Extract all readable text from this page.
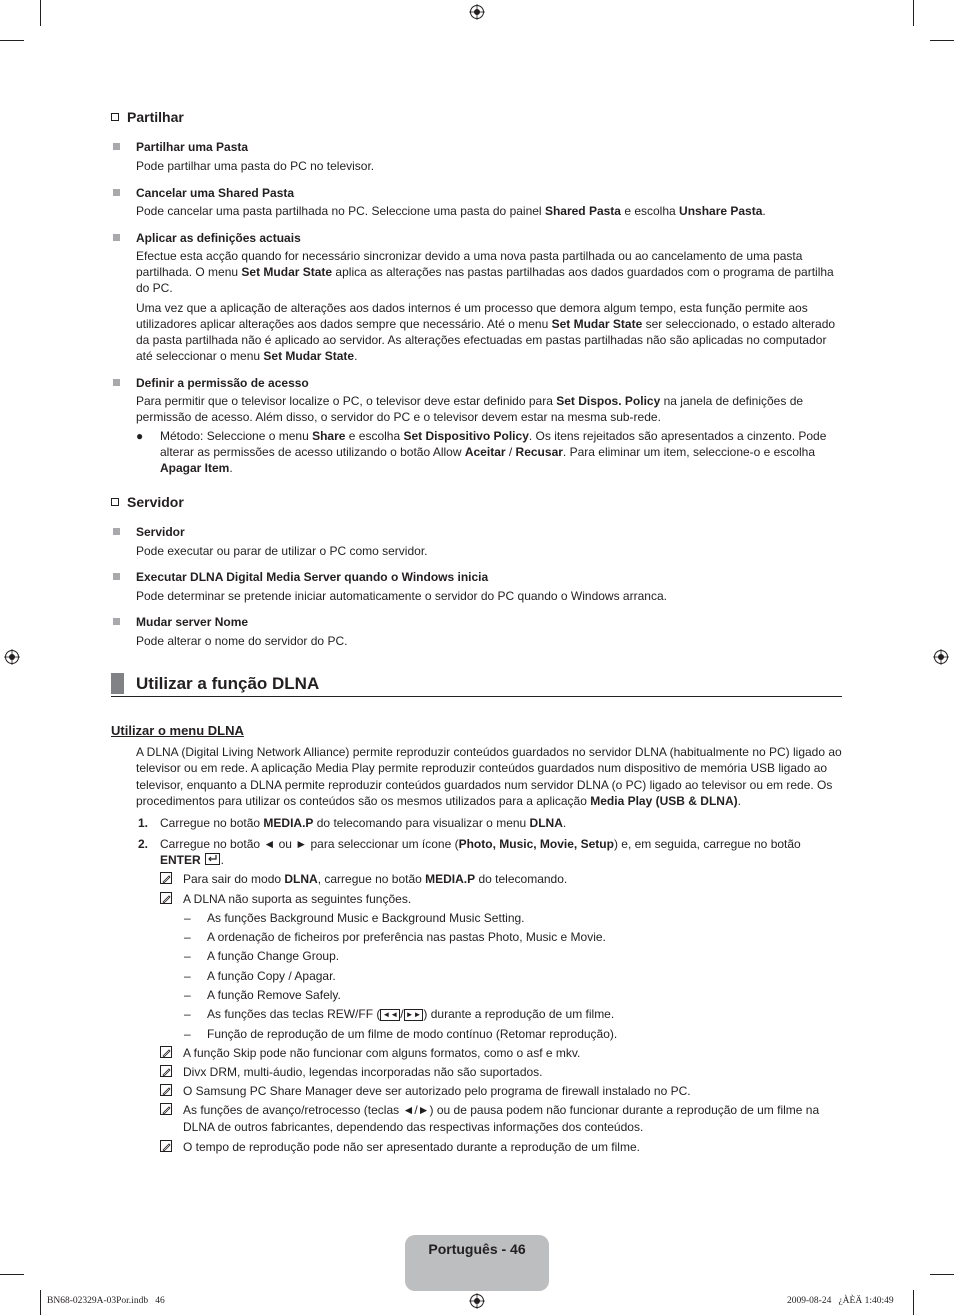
Partilhar
Partilhar uma Pasta
Pode partilhar uma pasta do PC no televisor.
Cancelar uma Shared Pasta
Pode cancelar uma pasta partilhada no PC. Seleccione uma pasta do painel Shared Pasta e escolha Unshare Pasta.
Aplicar as definições actuais
Efectue esta acção quando for necessário sincronizar devido a uma nova pasta partilhada ou ao cancelamento de uma pasta partilhada. O menu Set Mudar State aplica as alterações nas pastas partilhadas aos dados guardados com o programa de partilha do PC.
Uma vez que a aplicação de alterações aos dados internos é um processo que demora algum tempo, esta função permite aos utilizadores aplicar alterações aos dados sempre que necessário. Até o menu Set Mudar State ser seleccionado, o estado alterado da pasta partilhada não é aplicado ao servidor. As alterações efectuadas em pastas partilhadas não são aplicadas no computador até seleccionar o menu Set Mudar State.
Definir a permissão de acesso
Para permitir que o televisor localize o PC, o televisor deve estar definido para Set Dispos. Policy na janela de definições de permissão de acesso. Além disso, o servidor do PC e o televisor devem estar na mesma sub-rede.
● Método: Seleccione o menu Share e escolha Set Dispositivo Policy. Os itens rejeitados são apresentados a cinzento. Pode alterar as permissões de acesso utilizando o botão Allow Aceitar / Recusar. Para eliminar um item, seleccione-o e escolha Apagar Item.
Servidor
Servidor
Pode executar ou parar de utilizar o PC como servidor.
Executar DLNA Digital Media Server quando o Windows inicia
Pode determinar se pretende iniciar automaticamente o servidor do PC quando o Windows arranca.
Mudar server Nome
Pode alterar o nome do servidor do PC.
Utilizar a função DLNA
Utilizar o menu DLNA
A DLNA (Digital Living Network Alliance) permite reproduzir conteúdos guardados no servidor DLNA (habitualmente no PC) ligado ao televisor ou em rede. A aplicação Media Play permite reproduzir conteúdos guardados num dispositivo de memória USB ligado ao televisor, enquanto a DLNA permite reproduzir conteúdos guardados num servidor DLNA (o PC) ligado ao televisor ou em rede. Os procedimentos para utilizar os conteúdos são os mesmos utilizados para a aplicação Media Play (USB & DLNA).
1. Carregue no botão MEDIA.P do telecomando para visualizar o menu DLNA.
2. Carregue no botão ◄ ou ► para seleccionar um ícone (Photo, Music, Movie, Setup) e, em seguida, carregue no botão ENTER .
Para sair do modo DLNA, carregue no botão MEDIA.P do telecomando.
A DLNA não suporta as seguintes funções.
– As funções Background Music e Background Music Setting.
– A ordenação de ficheiros por preferência nas pastas Photo, Music e Movie.
– A função Change Group.
– A função Copy / Apagar.
– A função Remove Safely.
– As funções das teclas REW/FF ( ◄◄ / ►► ) durante a reprodução de um filme.
– Função de reprodução de um filme de modo contínuo (Retomar reprodução).
A função Skip pode não funcionar com alguns formatos, como o asf e mkv.
Divx DRM, multi-áudio, legendas incorporadas não são suportados.
O Samsung PC Share Manager deve ser autorizado pelo programa de firewall instalado no PC.
As funções de avanço/retrocesso (teclas ◄/►) ou de pausa podem não funcionar durante a reprodução de um filme na DLNA de outros fabricantes, dependendo das respectivas informações dos conteúdos.
O tempo de reprodução pode não ser apresentado durante a reprodução de um filme.
Português - 46
BN68-02329A-03Por.indb   46	2009-08-24   ¿ÀÈÄ 1:40:49
